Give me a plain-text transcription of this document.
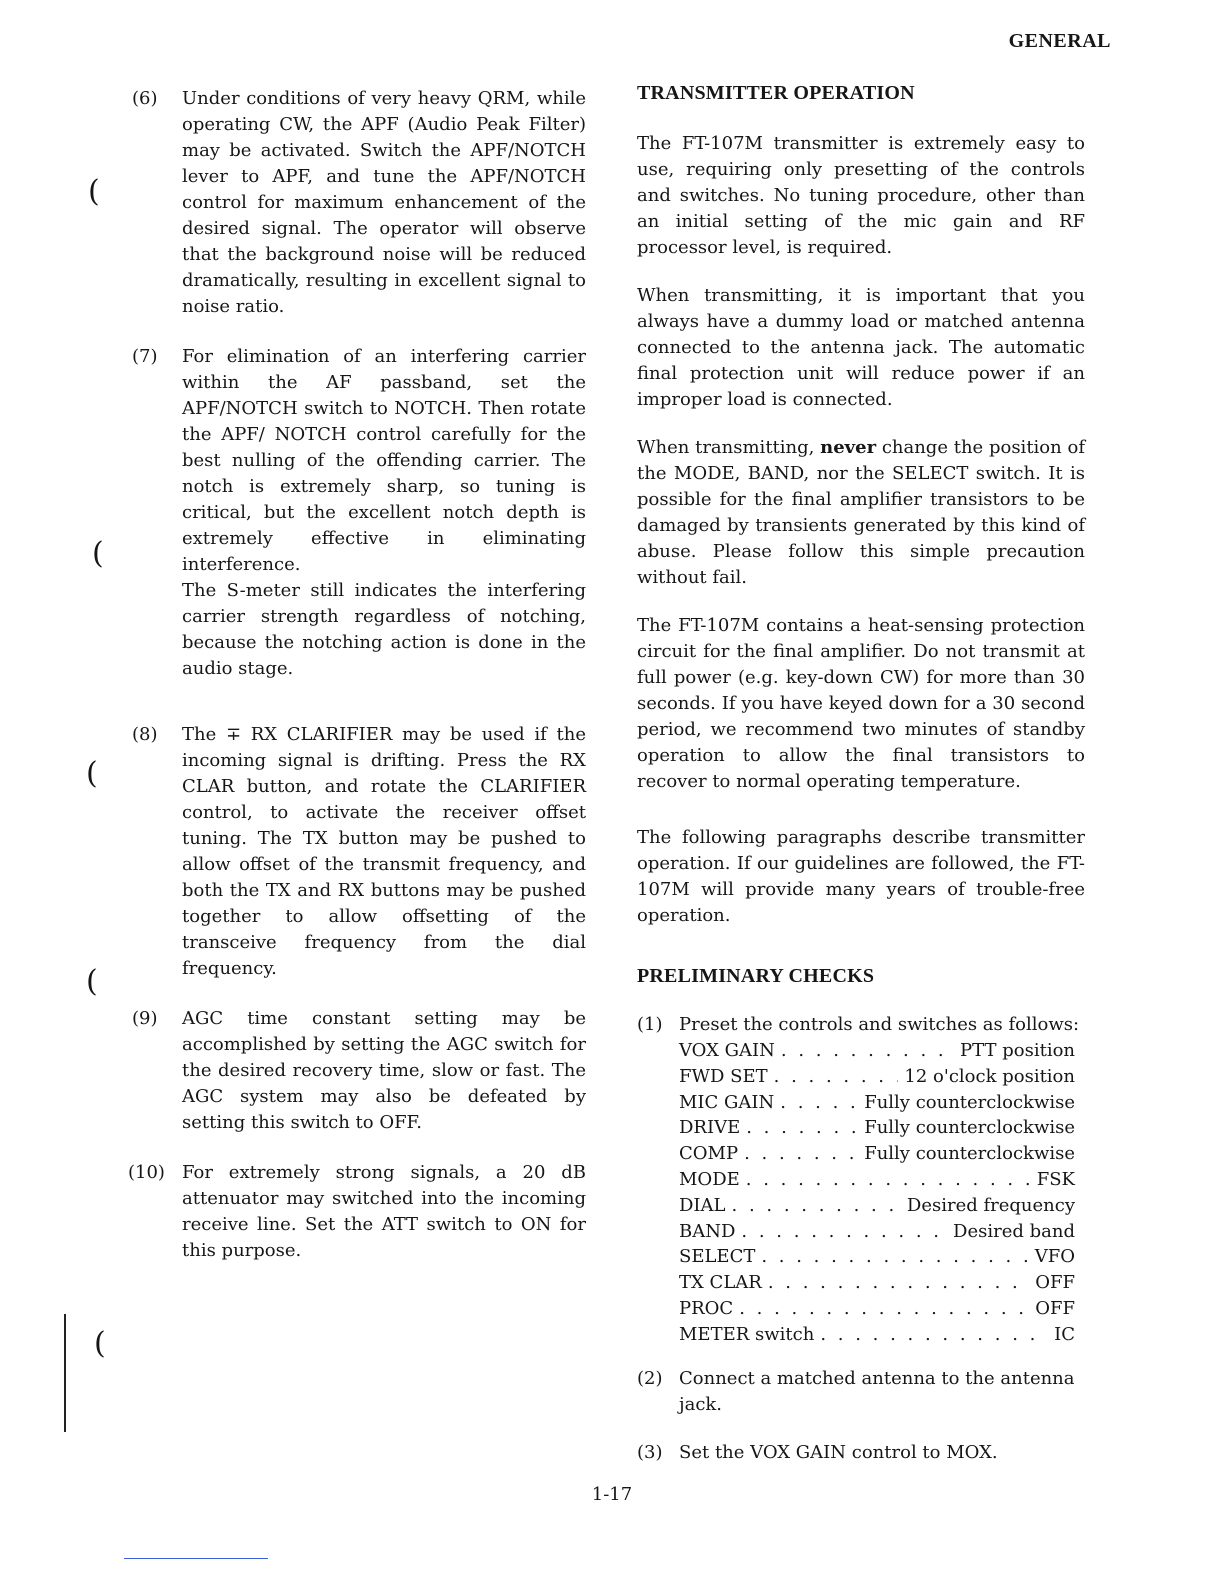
GENERAL
(
(
(
(
(
(6) Under conditions of very heavy QRM, while operating CW, the APF (Audio Peak Filter) may be activated. Switch the APF/NOTCH lever to APF, and tune the APF/NOTCH control for maximum enhancement of the desired signal. The operator will observe that the background noise will be reduced dramatically, resulting in excellent signal to noise ratio.

(7) For elimination of an interfering carrier within the AF passband, set the APF/NOTCH switch to NOTCH. Then rotate the APF/ NOTCH control carefully for the best nulling of the offending carrier. The notch is extremely sharp, so tuning is critical, but the excellent notch depth is extremely effective in eliminating interference.

The S-meter still indicates the interfering carrier strength regardless of notching, because the notching action is done in the audio stage.

(8) The ∓ RX CLARIFIER may be used if the incoming signal is drifting. Press the RX CLAR button, and rotate the CLARIFIER control, to activate the receiver offset tuning. The TX button may be pushed to allow offset of the transmit frequency, and both the TX and RX buttons may be pushed together to allow offsetting of the transceive frequency from the dial frequency.

(9) AGC time constant setting may be accomplished by setting the AGC switch for the desired recovery time, slow or fast. The AGC system may also be defeated by setting this switch to OFF.

(10) For extremely strong signals, a 20 dB attenuator may switched into the incoming receive line. Set the ATT switch to ON for this purpose.

TRANSMITTER OPERATION

The FT-107M transmitter is extremely easy to use, requiring only presetting of the controls and switches. No tuning procedure, other than an initial setting of the mic gain and RF processor level, is required.

When transmitting, it is important that you always have a dummy load or matched antenna connected to the antenna jack. The automatic final protection unit will reduce power if an improper load is connected.

When transmitting, never change the position of the MODE, BAND, nor the SELECT switch. It is possible for the final amplifier transistors to be damaged by transients generated by this kind of abuse. Please follow this simple precaution without fail.

The FT-107M contains a heat-sensing protection circuit for the final amplifier. Do not transmit at full power (e.g. key-down CW) for more than 30 seconds. If you have keyed down for a 30 second period, we recommend two minutes of standby operation to allow the final transistors to recover to normal operating temperature.

The following paragraphs describe transmitter operation. If our guidelines are followed, the FT-107M will provide many years of trouble-free operation.

PRELIMINARY CHECKS
(1) Preset the controls and switches as follows:
VOX GAIN . . .	PTT position
FWD SET . . .	12 o'clock position
MIC GAIN . . .	Fully counterclockwise
DRIVE . . .	Fully counterclockwise
COMP . . .	Fully counterclockwise
MODE . . .	FSK
DIAL . . .	Desired frequency
BAND . . .	Desired band
SELECT . . .	VFO
TX CLAR . . .	OFF
PROC . . .	OFF
METER switch . . .	IC
(2) Connect a matched antenna to the antenna jack.
(3) Set the VOX GAIN control to MOX.
1-17
